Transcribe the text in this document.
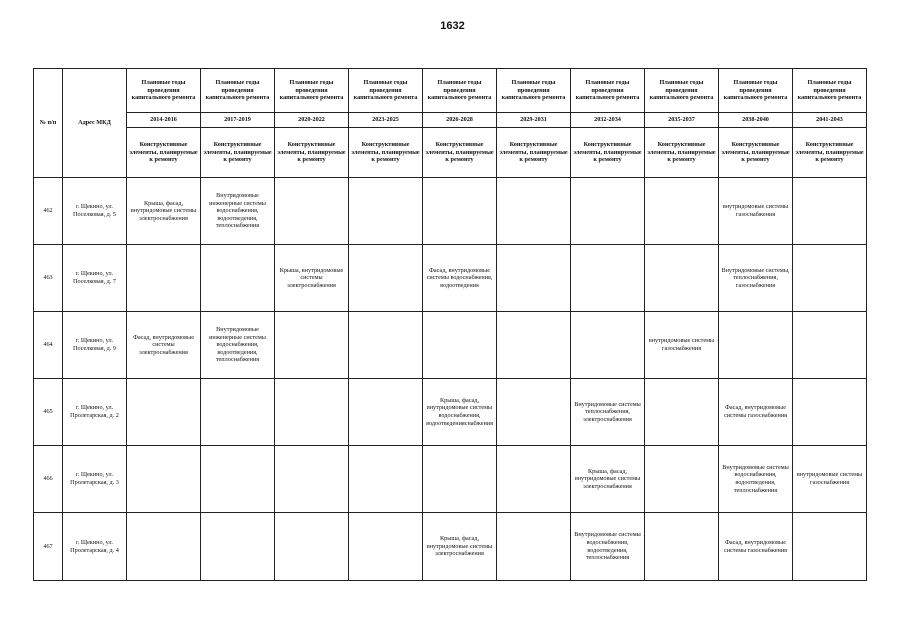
1632
№ п/п	Адрес МКД	Плановые годы проведения капитального ремонта	Плановые годы проведения капитального ремонта	Плановые годы проведения капитального ремонта	Плановые годы проведения капитального ремонта	Плановые годы проведения капитального ремонта	Плановые годы проведения капитального ремонта	Плановые годы проведения капитального ремонта	Плановые годы проведения капитального ремонта	Плановые годы проведения капитального ремонта	Плановые годы проведения капитального ремонта
		2014-2016	2017-2019	2020-2022	2023-2025	2026-2028	2029-2031	2032-2034	2035-2037	2038-2040	2041-2043
		Конструктивные элементы, планируемые к ремонту	Конструктивные элементы, планируемые к ремонту	Конструктивные элементы, планируемые к ремонту	Конструктивные элементы, планируемые к ремонту	Конструктивные элементы, планируемые к ремонту	Конструктивные элементы, планируемые к ремонту	Конструктивные элементы, планируемые к ремонту	Конструктивные элементы, планируемые к ремонту	Конструктивные элементы, планируемые к ремонту	Конструктивные элементы, планируемые к ремонту
462	г. Щекино, ул. Поселковая, д. 5	Крыша, фасад, внутридомовые системы электроснабжения	Внутридомовые инженерные системы водоснабжения, водоотведения, теплоснабжения							внутридомовые системы газоснабжения	
463	г. Щекино, ул. Поселковая, д. 7			Крыша, внутридомовые системы электроснабжения		Фасад, внутридомовые системы водоснабжения, водоотведения				Внутридомовые системы, теплоснабжения, газоснабжения	
464	г. Щекино, ул. Поселковая, д. 9	Фасад, внутридомовые системы электроснабжения	Внутридомовые инженерные системы водоснабжения, водоотведения, теплоснабжения						внутридомовые системы газоснабжения		
465	г. Щекино, ул. Пролетарская, д. 2					Крыша, фасад, внутридомовые системы водоснабжения, водоотведенияснабжения		Внутридомовые системы теплоснабжения, электроснабжения		Фасад, внутридомовые системы газоснабжения	
466	г. Щекино, ул. Пролетарская, д. 3							Крыша, фасад, внутридомовые системы электроснабжения		Внутридомовые системы водоснабжения, водоотведения, теплоснабжения	внутридомовые системы газоснабжения
467	г. Щекино, ул. Пролетарская, д. 4					Крыша, фасад, внутридомовые системы электроснабжения		Внутридомовые системы водоснабжения, водоотведения, теплоснабжения		Фасад, внутридомовые системы газоснабжения	
